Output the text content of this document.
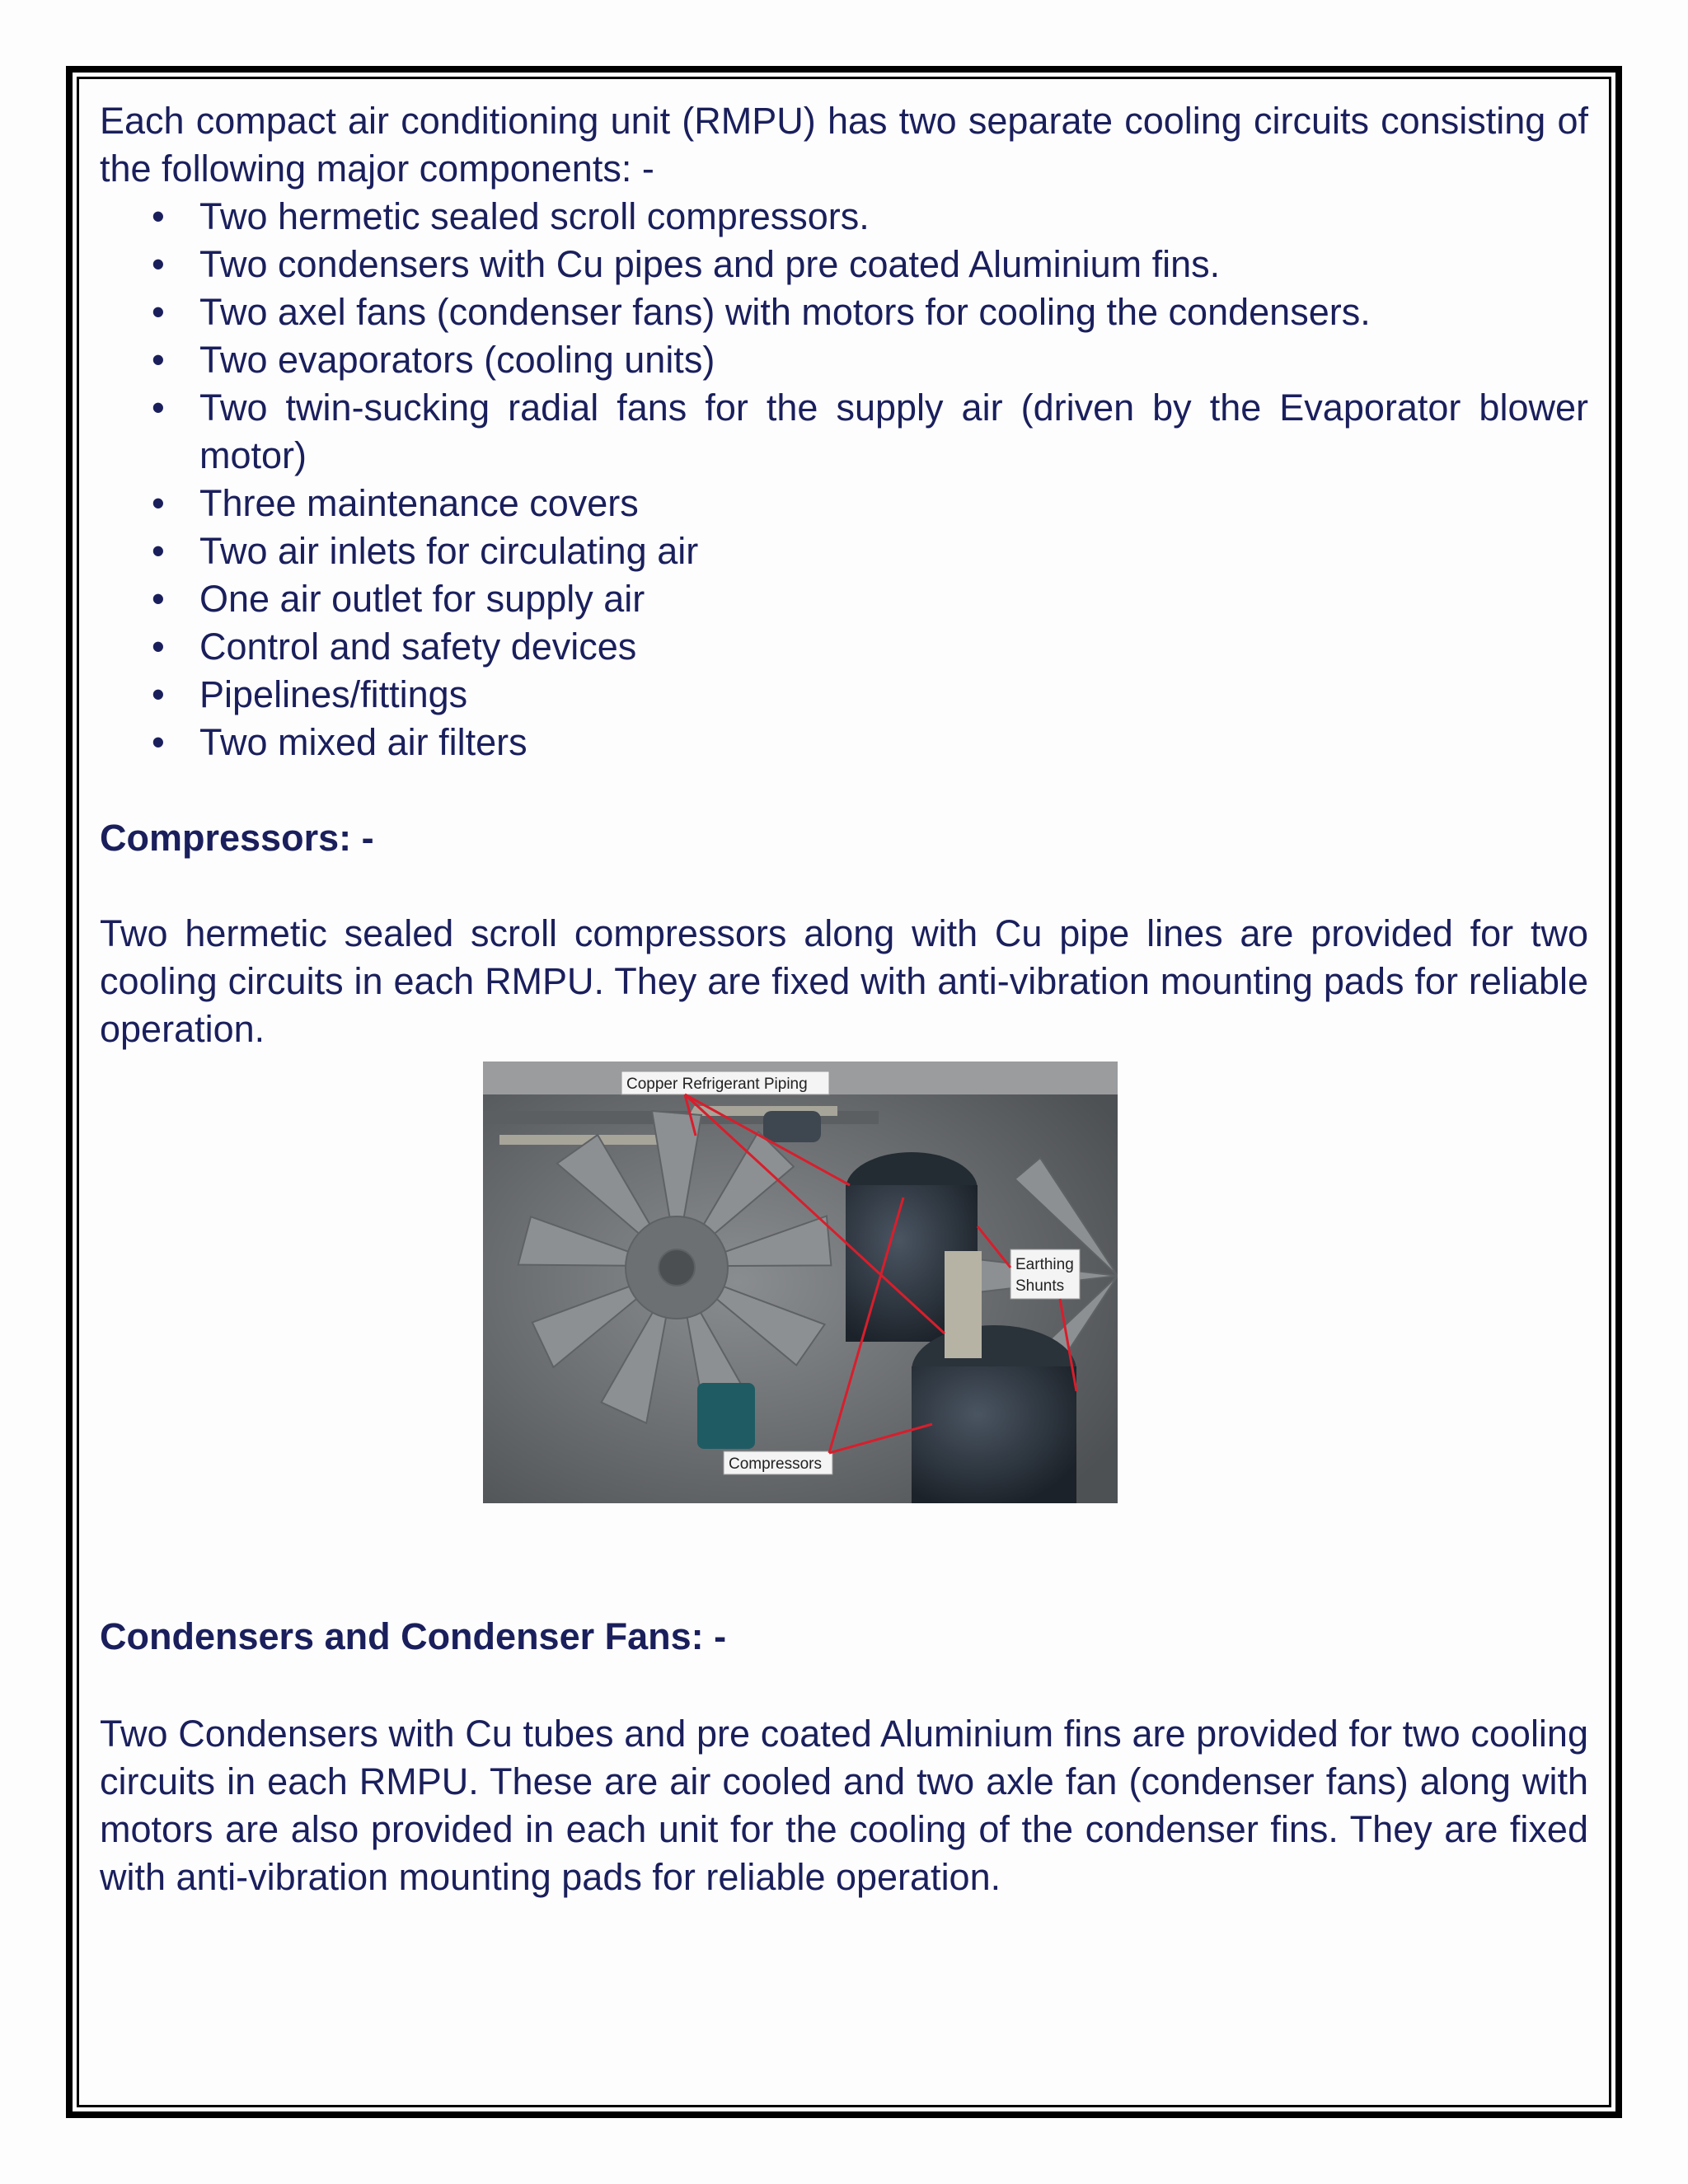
Each compact air conditioning unit (RMPU) has two separate cooling circuits consisting of the following major components: -

• Two hermetic sealed scroll compressors.
• Two condensers with Cu pipes and pre coated Aluminium fins.
• Two axel fans (condenser fans) with motors for cooling the condensers.
• Two evaporators (cooling units)
• Two twin-sucking radial fans for the supply air (driven by the Evaporator blower motor)
• Three maintenance covers
• Two air inlets for circulating air
• One air outlet for supply air
• Control and safety devices
• Pipelines/fittings
• Two mixed air filters
Compressors: -

Two hermetic sealed scroll compressors along with Cu pipe lines are provided for two cooling circuits in each RMPU. They are fixed with anti-vibration mounting pads for reliable operation.

Copper Refrigerant Piping
Earthing
Shunts
Compressors
Condensers and Condenser Fans: -

Two Condensers with Cu tubes and pre coated Aluminium fins are provided for two cooling circuits in each RMPU. These are air cooled and two axle fan (condenser fans) along with motors are also provided in each unit for the cooling of the condenser fins. They are fixed with anti-vibration mounting pads for reliable operation.
